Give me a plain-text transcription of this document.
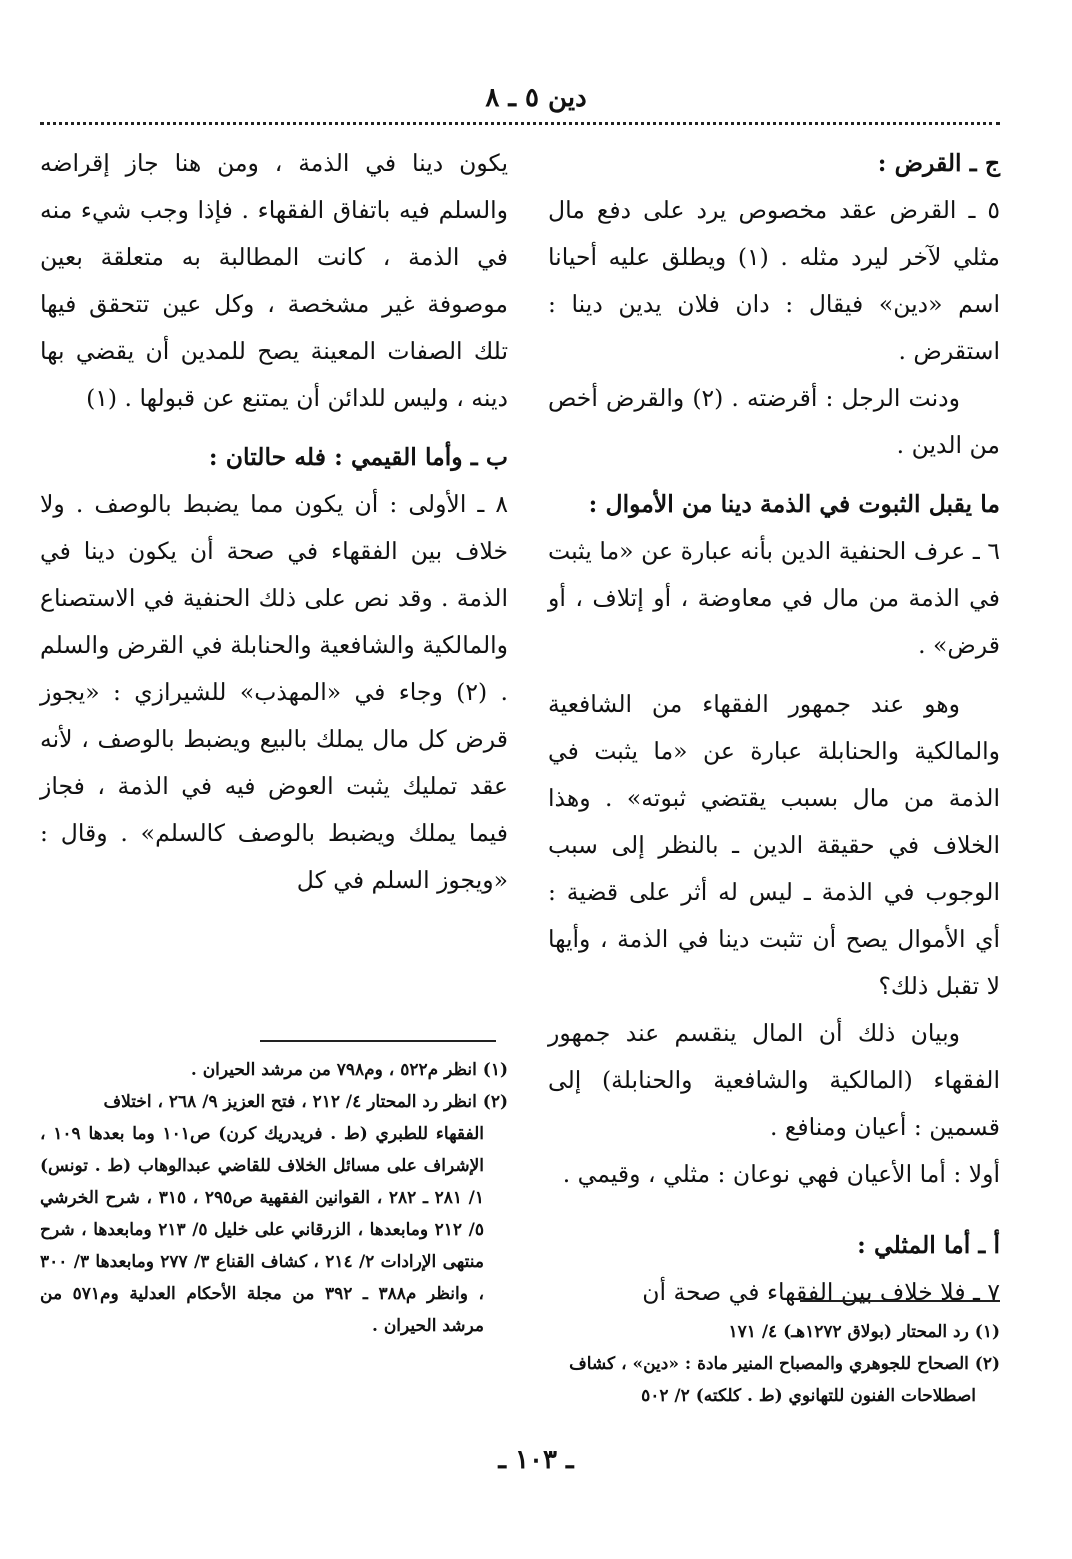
دين ٥ ـ ٨

ج ـ القرض :

٥ ـ القرض عقد مخصوص يرد على دفع مال مثلي لآخر ليرد مثله . (١) ويطلق عليه أحيانا اسم «دين» فيقال : دان فلان يدين دينا : استقرض .

ودنت الرجل : أقرضته . (٢) والقرض أخص من الدين .

ما يقبل الثبوت في الذمة دينا من الأموال :

٦ ـ عرف الحنفية الدين بأنه عبارة عن «ما يثبت في الذمة من مال في معاوضة ، أو إتلاف ، أو قرض» .

وهو عند جمهور الفقهاء من الشافعية والمالكية والحنابلة عبارة عن «ما يثبت في الذمة من مال بسبب يقتضي ثبوته» . وهذا الخلاف في حقيقة الدين ـ بالنظر إلى سبب الوجوب في الذمة ـ ليس له أثر على قضية : أي الأموال يصح أن تثبت دينا في الذمة ، وأيها لا تقبل ذلك؟

وبيان ذلك أن المال ينقسم عند جمهور الفقهاء (المالكية والشافعية والحنابلة) إلى قسمين : أعيان ومنافع .

أولا : أما الأعيان فهي نوعان : مثلي ، وقيمي .

أ ـ أما المثلي :

٧ ـ فلا خلاف بين الفقهاء في صحة أن

يكون دينا في الذمة ، ومن هنا جاز إقراضه والسلم فيه باتفاق الفقهاء . فإذا وجب شيء منه في الذمة ، كانت المطالبة به متعلقة بعين موصوفة غير مشخصة ، وكل عين تتحقق فيها تلك الصفات المعينة يصح للمدين أن يقضي بها دينه ، وليس للدائن أن يمتنع عن قبولها . (١)

ب ـ وأما القيمي : فله حالتان :

٨ ـ الأولى : أن يكون مما يضبط بالوصف . ولا خلاف بين الفقهاء في صحة أن يكون دينا في الذمة . وقد نص على ذلك الحنفية في الاستصناع والمالكية والشافعية والحنابلة في القرض والسلم . (٢) وجاء في «المهذب» للشيرازي : «يجوز قرض كل مال يملك بالبيع ويضبط بالوصف ، لأنه عقد تمليك يثبت العوض فيه في الذمة ، فجاز فيما يملك ويضبط بالوصف كالسلم» . وقال : «ويجوز السلم في كل

(١) انظر م٥٢٢ ، وم٧٩٨ من مرشد الحيران .

(٢) انظر رد المحتار ٤/ ٢١٢ ، فتح العزيز ٩/ ٢٦٨ ، اختلاف

الفقهاء للطبري (ط . فريدريك كرن) ص١٠١ وما بعدها ١٠٩ ، الإشراف على مسائل الخلاف للقاضي عبدالوهاب (ط . تونس) ١/ ٢٨١ ـ ٢٨٢ ، القوانين الفقهية ص٢٩٥ ، ٣١٥ ، شرح الخرشي ٥/ ٢١٢ ومابعدها ، الزرقاني على خليل ٥/ ٢١٣ ومابعدها ، شرح منتهى الإرادات ٢/ ٢١٤ ، كشاف القناع ٣/ ٢٧٧ ومابعدها ٣/ ٣٠٠ ، وانظر م٣٨٨ ـ ٣٩٢ من مجلة الأحكام العدلية وم٥٧١ من مرشد الحيران .	(١) رد المحتار (بولاق ١٢٧٢هـ) ٤/ ١٧١

(٢) الصحاح للجوهري والمصباح المنير مادة : «دين» ، كشاف

اصطلاحات الفنون للتهانوي (ط . كلكته) ٢/ ٥٠٢

ـ ١٠٣ ـ
